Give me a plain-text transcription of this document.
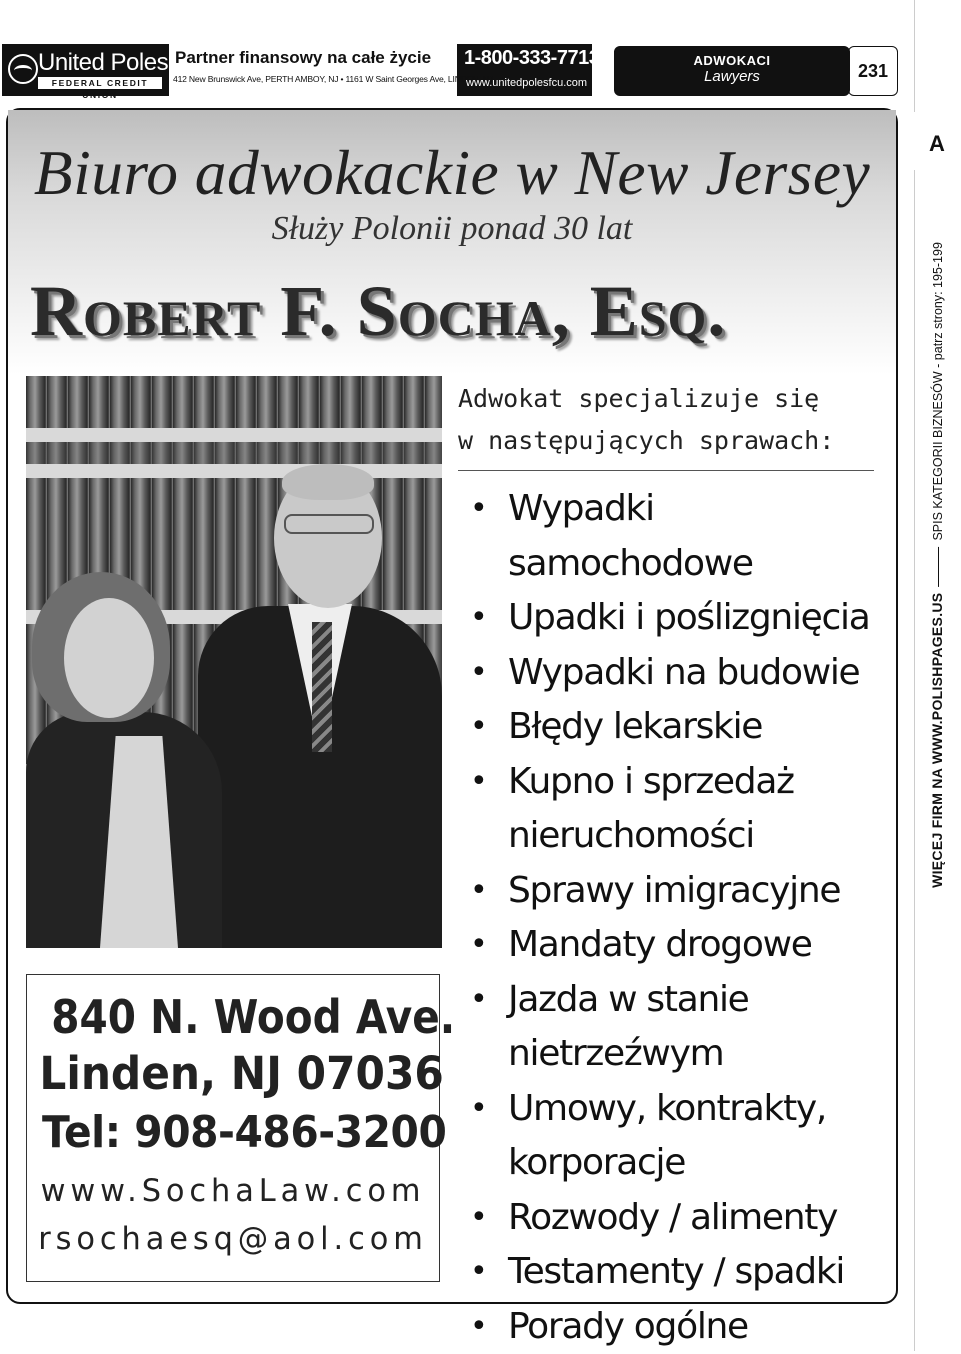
United Poles
FEDERAL CREDIT UNION
Partner finansowy na całe życie
412 New Brunswick Ave, PERTH AMBOY, NJ • 1161 W Saint Georges Ave, LINDEN, NJ
1-800-333-7713
www.unitedpolesfcu.com
ADWOKACI
Lawyers	231
A
WIĘCEJ FIRM NA WWW.POLISHPAGES.USSPIS KATEGORII BIZNESÓW - patrz strony: 195-199
Biuro adwokackie w New Jersey
Służy Polonii ponad 30 lat
Robert F. Socha, Esq.
840 N. Wood Ave.
Linden, NJ 07036
Tel: 908-486-3200
www.SochaLaw.com
rsochaesq@aol.com
Adwokat specjalizuje się
w następujących sprawach:
• Wypadki samochodowe
• Upadki i poślizgnięcia
• Wypadki na budowie
• Błędy lekarskie
• Kupno i sprzedaż nieruchomości
• Sprawy imigracyjne
• Mandaty drogowe
• Jazda w stanie nietrzeźwym
• Umowy, kontrakty, korporacje
• Rozwody / alimenty
• Testamenty / spadki
• Porady ogólne
